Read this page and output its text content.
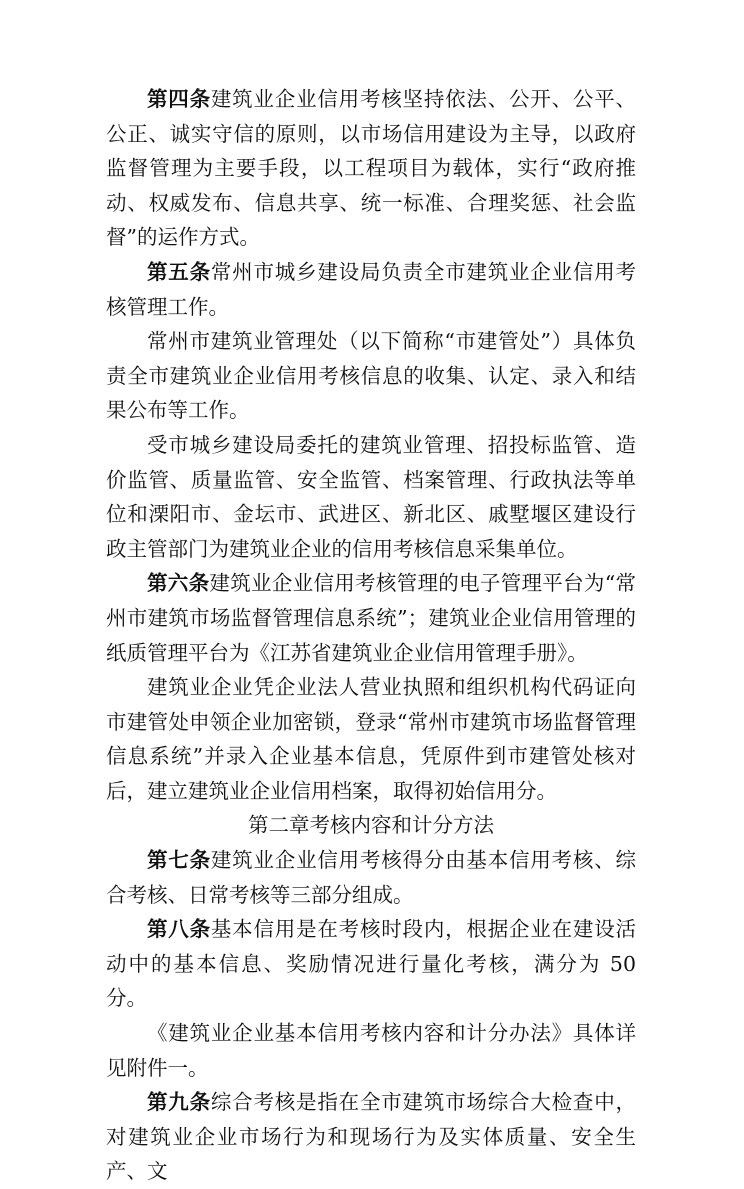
第四条建筑业企业信用考核坚持依法、公开、公平、公正、诚实守信的原则，以市场信用建设为主导，以政府监督管理为主要手段，以工程项目为载体，实行“政府推动、权威发布、信息共享、统一标准、合理奖惩、社会监督”的运作方式。

第五条常州市城乡建设局负责全市建筑业企业信用考核管理工作。

常州市建筑业管理处（以下简称“市建管处”）具体负责全市建筑业企业信用考核信息的收集、认定、录入和结果公布等工作。

受市城乡建设局委托的建筑业管理、招投标监管、造价监管、质量监管、安全监管、档案管理、行政执法等单位和溧阳市、金坛市、武进区、新北区、戚墅堰区建设行政主管部门为建筑业企业的信用考核信息采集单位。

第六条建筑业企业信用考核管理的电子管理平台为“常州市建筑市场监督管理信息系统”；建筑业企业信用管理的纸质管理平台为《江苏省建筑业企业信用管理手册》。

建筑业企业凭企业法人营业执照和组织机构代码证向市建管处申领企业加密锁，登录“常州市建筑市场监督管理信息系统”并录入企业基本信息，凭原件到市建管处核对后，建立建筑业企业信用档案，取得初始信用分。

第二章考核内容和计分方法

第七条建筑业企业信用考核得分由基本信用考核、综合考核、日常考核等三部分组成。

第八条基本信用是在考核时段内，根据企业在建设活动中的基本信息、奖励情况进行量化考核，满分为 50 分。

《建筑业企业基本信用考核内容和计分办法》具体详见附件一。

第九条综合考核是指在全市建筑市场综合大检查中，对建筑业企业市场行为和现场行为及实体质量、安全生产、文
